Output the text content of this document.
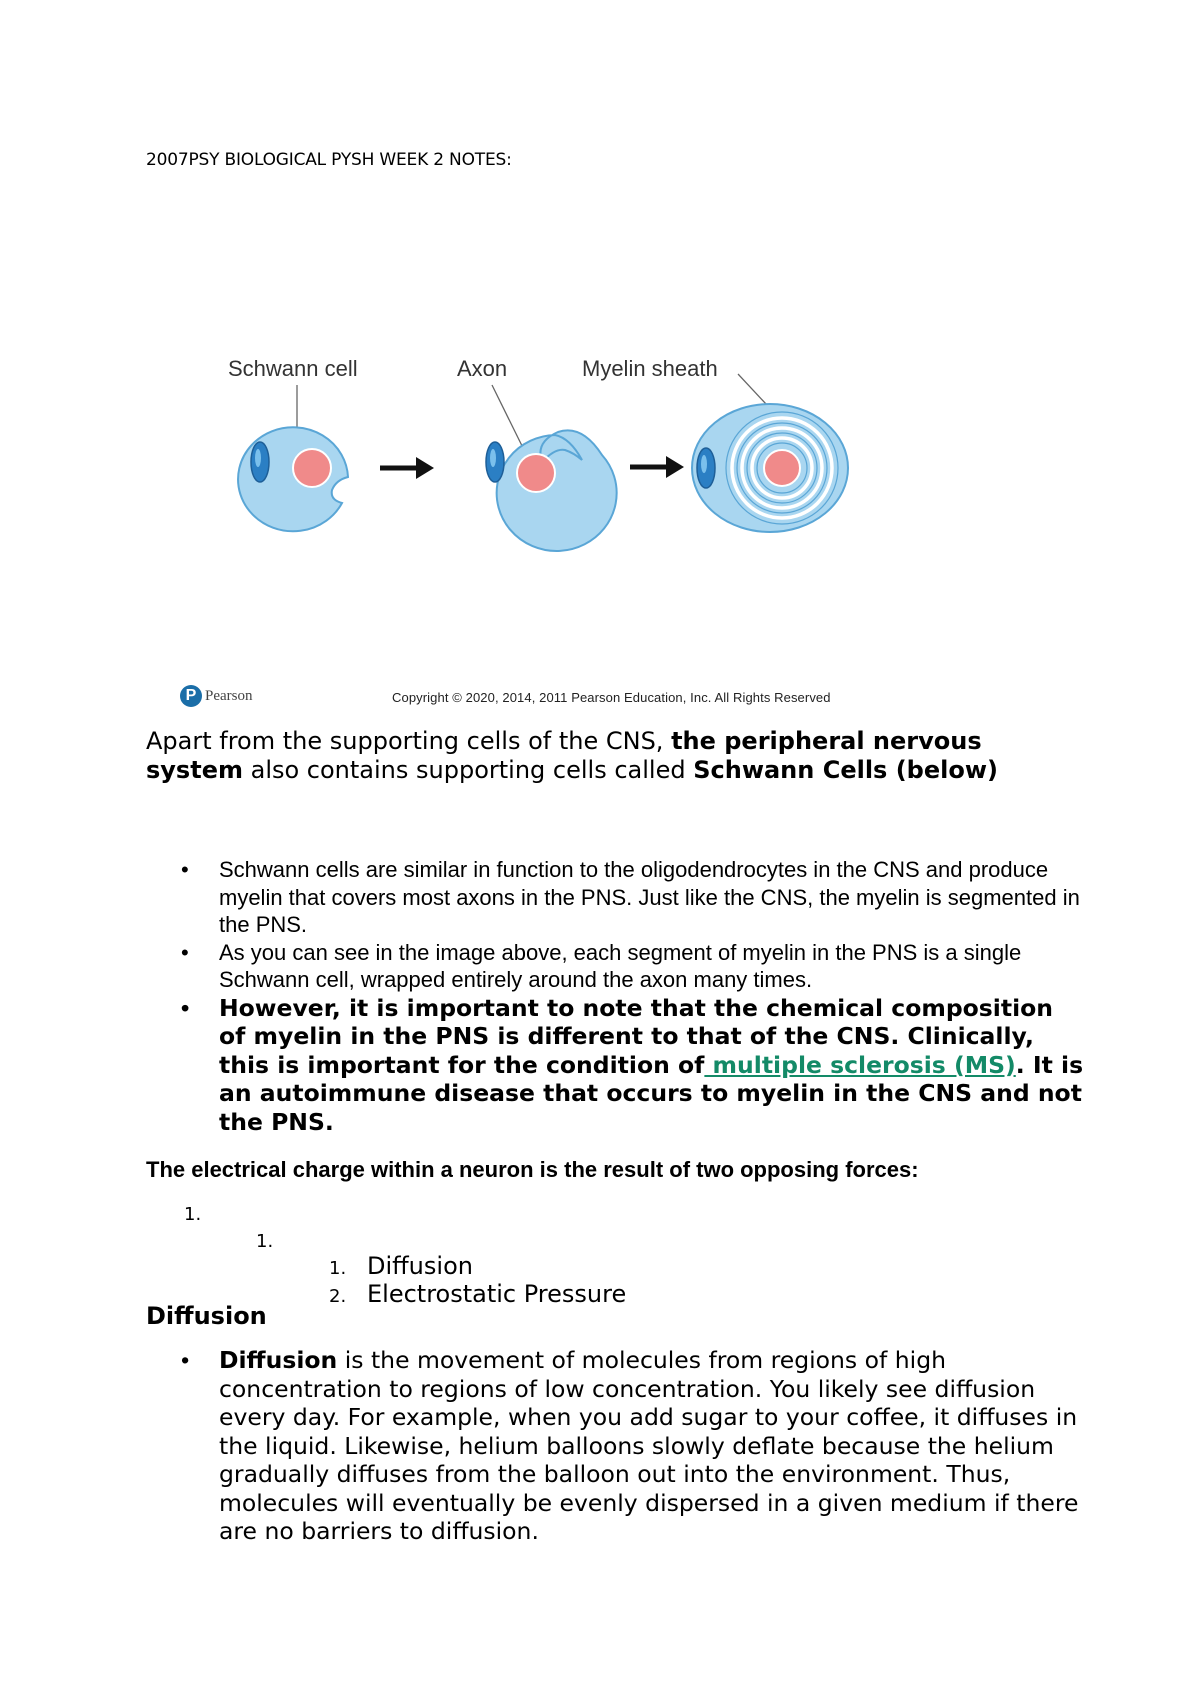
2007PSY BIOLOGICAL PYSH WEEK 2 NOTES:
Schwann cell	Axon	Myelin sheath
P Pearson	Copyright © 2020, 2014, 2011 Pearson Education, Inc. All Rights Reserved

Apart from the supporting cells of the CNS, the peripheral nervous system also contains supporting cells called Schwann Cells (below)

• Schwann cells are similar in function to the oligodendrocytes in the CNS and produce myelin that covers most axons in the PNS. Just like the CNS, the myelin is segmented in the PNS.
• As you can see in the image above, each segment of myelin in the PNS is a single Schwann cell, wrapped entirely around the axon many times.
• However, it is important to note that the chemical composition of myelin in the PNS is different to that of the CNS. Clinically, this is important for the condition of multiple sclerosis (MS). It is an autoimmune disease that occurs to myelin in the CNS and not the PNS.
The electrical charge within a neuron is the result of two opposing forces:
1.
1.
1. Diffusion
2. Electrostatic Pressure
Diffusion
• Diffusion is the movement of molecules from regions of high concentration to regions of low concentration. You likely see diffusion every day. For example, when you add sugar to your coffee, it diffuses in the liquid. Likewise, helium balloons slowly deflate because the helium gradually diffuses from the balloon out into the environment. Thus, molecules will eventually be evenly dispersed in a given medium if there are no barriers to diffusion.
